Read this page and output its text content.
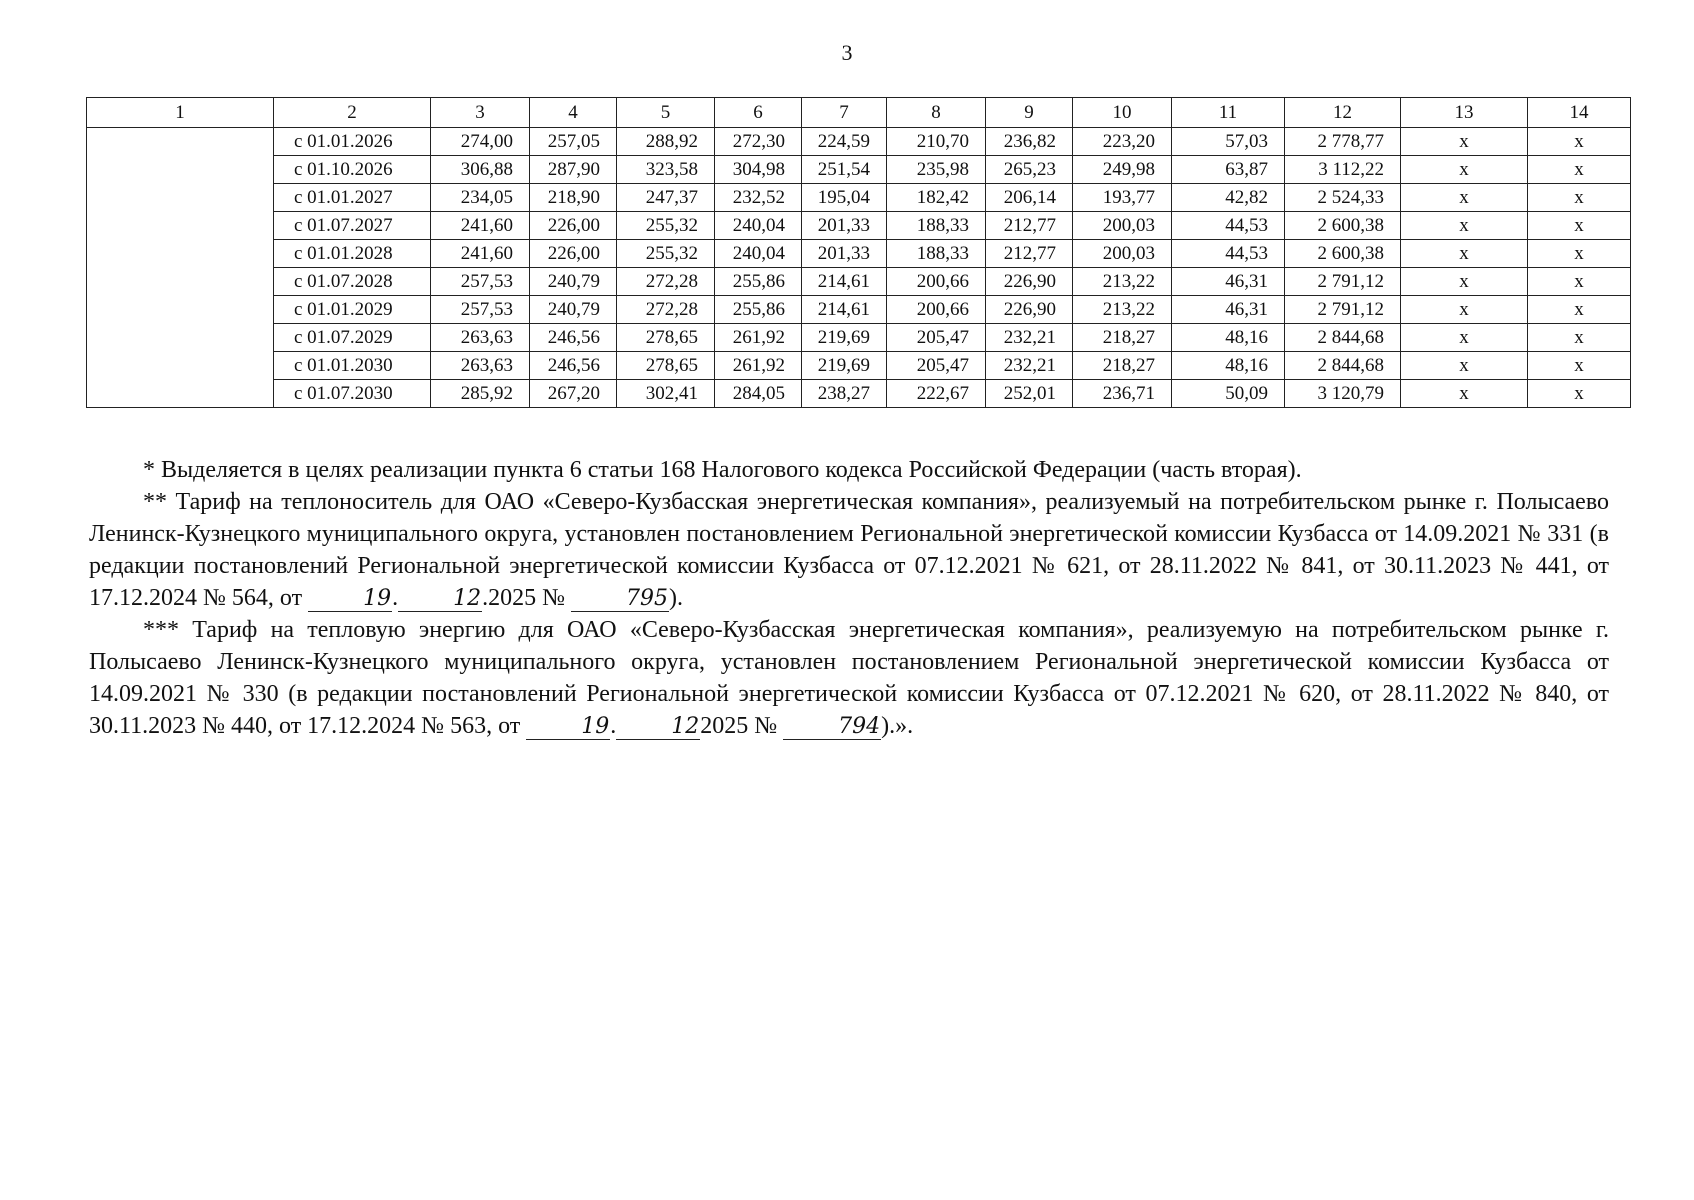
3
1	2	3	4	5	6	7	8	9	10	11	12	13	14
	с 01.01.2026	274,00	257,05	288,92	272,30	224,59	210,70	236,82	223,20	57,03	2 778,77	x	x
	с 01.10.2026	306,88	287,90	323,58	304,98	251,54	235,98	265,23	249,98	63,87	3 112,22	x	x
	с 01.01.2027	234,05	218,90	247,37	232,52	195,04	182,42	206,14	193,77	42,82	2 524,33	x	x
	с 01.07.2027	241,60	226,00	255,32	240,04	201,33	188,33	212,77	200,03	44,53	2 600,38	x	x
	с 01.01.2028	241,60	226,00	255,32	240,04	201,33	188,33	212,77	200,03	44,53	2 600,38	x	x
	с 01.07.2028	257,53	240,79	272,28	255,86	214,61	200,66	226,90	213,22	46,31	2 791,12	x	x
	с 01.01.2029	257,53	240,79	272,28	255,86	214,61	200,66	226,90	213,22	46,31	2 791,12	x	x
	с 01.07.2029	263,63	246,56	278,65	261,92	219,69	205,47	232,21	218,27	48,16	2 844,68	x	x
	с 01.01.2030	263,63	246,56	278,65	261,92	219,69	205,47	232,21	218,27	48,16	2 844,68	x	x
	с 01.07.2030	285,92	267,20	302,41	284,05	238,27	222,67	252,01	236,71	50,09	3 120,79	x	x

* Выделяется в целях реализации пункта 6 статьи 168 Налогового кодекса Российской Федерации (часть вторая).

** Тариф на теплоноситель для ОАО «Северо-Кузбасская энергетическая компания», реализуемый на потребительском рынке г. Полысаево Ленинск-Кузнецкого муниципального округа, установлен постановлением Региональной энергетической комиссии Кузбасса от 14.09.2021 № 331 (в редакции постановлений Региональной энергетической комиссии Кузбасса от 07.12.2021 № 621, от 28.11.2022 № 841, от 30.11.2023 № 441, от 17.12.2024 № 564, от	19.	12.2025 №	795).

*** Тариф на тепловую энергию для ОАО «Северо-Кузбасская энергетическая компания», реализуемую на потребительском рынке г. Полысаево Ленинск-Кузнецкого муниципального округа, установлен постановлением Региональной энергетической комиссии Кузбасса от 14.09.2021 № 330 (в редакции постановлений Региональной энергетической комиссии Кузбасса от 07.12.2021 № 620, от 28.11.2022 № 840, от 30.11.2023 № 440, от 17.12.2024 № 563, от	19.	122025 №	794).».
